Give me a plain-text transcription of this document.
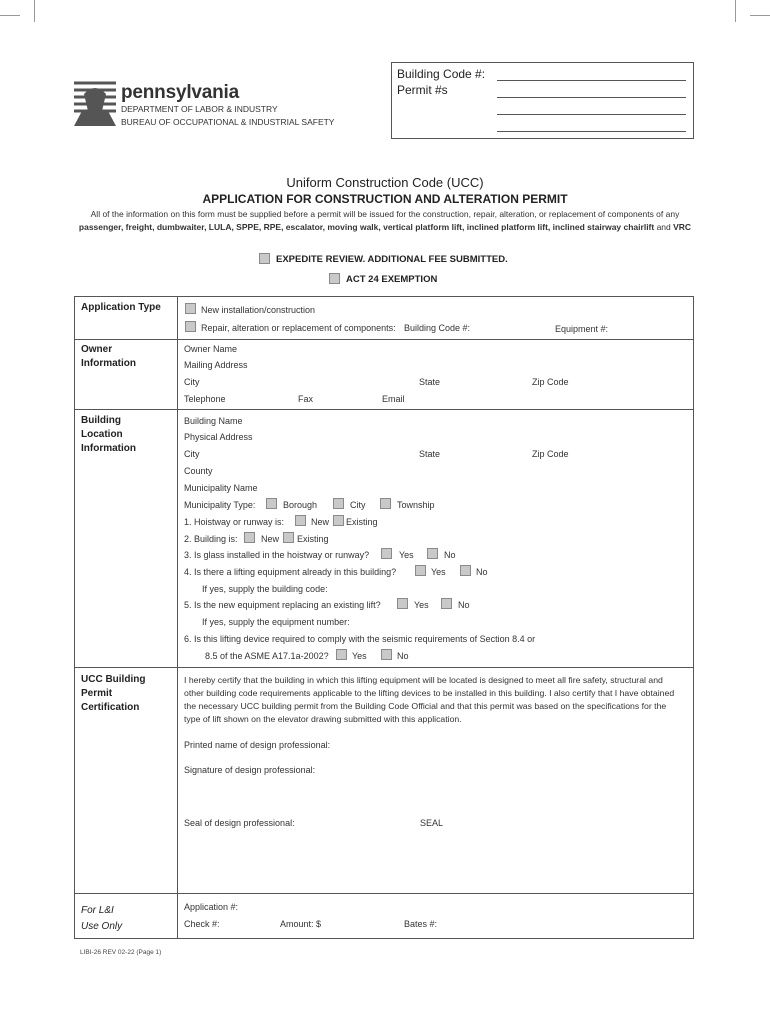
pennsylvania
DEPARTMENT OF LABOR & INDUSTRY
BUREAU OF OCCUPATIONAL & INDUSTRIAL SAFETY
Building Code #:
Permit #s
Uniform Construction Code (UCC)
APPLICATION FOR CONSTRUCTION AND ALTERATION PERMIT
All of the information on this form must be supplied before a permit will be issued for the construction, repair, alteration, or replacement of components of any passenger, freight, dumbwaiter, LULA, SPPE, RPE, escalator, moving walk, vertical platform lift, inclined platform lift, inclined stairway chairlift and VRC
EXPEDITE REVIEW. ADDITIONAL FEE SUBMITTED.
ACT 24 EXEMPTION
Application Type	New installation/construction
Repair, alteration or replacement of components: Building Code #:	Equipment #:
Owner
Information
Owner Name
Mailing Address
City	State	Zip Code
Telephone	Fax	Email
Building
Location
Information
Building Name
Physical Address
City	State	Zip Code
County
Municipality Name
Municipality Type:	Borough	City	Township
1. Hoistway or runway is:	New Existing
2. Building is:	New Existing
3. Is glass installed in the hoistway or runway?	Yes	No
4. Is there a lifting equipment already in this building?	Yes	No
If yes, supply the building code:
5. Is the new equipment replacing an existing lift?	Yes	No
If yes, supply the equipment number:
6. Is this lifting device required to comply with the seismic requirements of Section 8.4 or
8.5 of the ASME A17.1a-2002?	Yes	No
UCC Building
Permit
Certification
I hereby certify that the building in which this lifting equipment will be located is designed to meet all fire safety, structural and other building code requirements applicable to the lifting devices to be installed in this building. I also certify that I have obtained the necessary UCC building permit from the Building Code Official and that this permit was based on the specifications for the type of lift shown on the elevator drawing submitted with this application.
Printed name of design professional:
Signature of design professional:
Seal of design professional:	SEAL
For L&I
Use Only
Application #:
Check #:	Amount: $	Bates #:
LIBI-26 REV 02-22 (Page 1)
